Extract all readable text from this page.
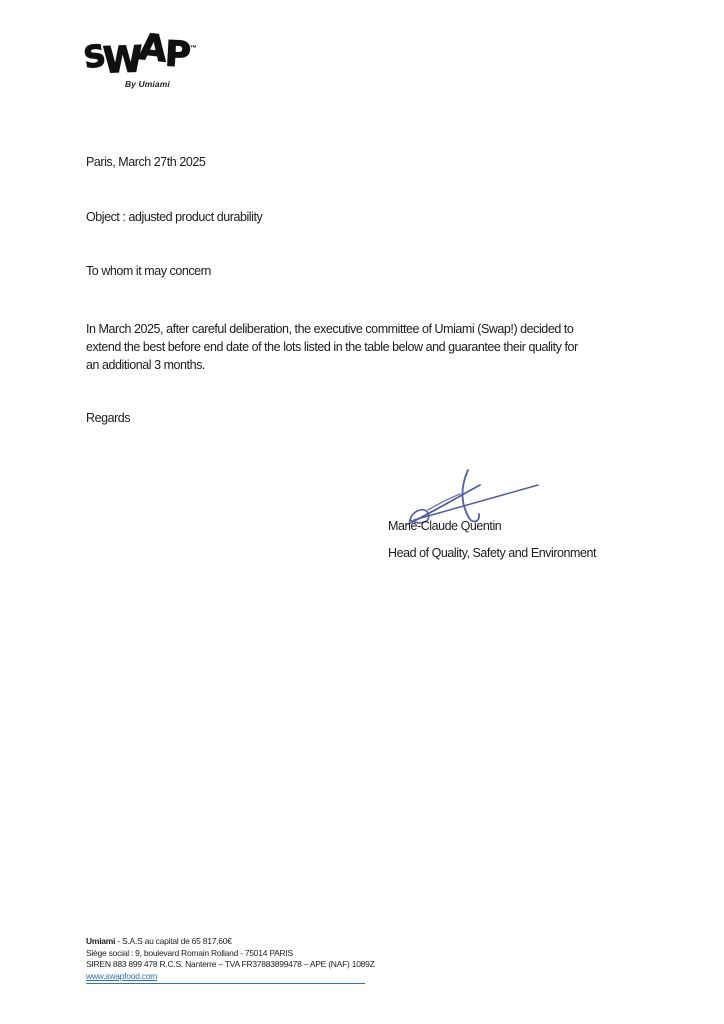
S
W
A
P ™
By Umiami
Paris, March 27th 2025
Object : adjusted product durability
To whom it may concern
In March 2025, after careful deliberation, the executive committee of Umiami (Swap!) decided to
extend the best before end date of the lots listed in the table below and guarantee their quality for
an additional 3 months.
Regards
Marie-Claude Quentin
Head of Quality, Safety and Environment
Umiami - S.A.S au capital de 65 817,60€
Siège social : 9, boulevard Romain Rolland - 75014 PARIS
SIREN 883 899 478 R.C.S. Nanterre – TVA FR37883899478 – APE (NAF) 1089Z
www.swapfood.com
